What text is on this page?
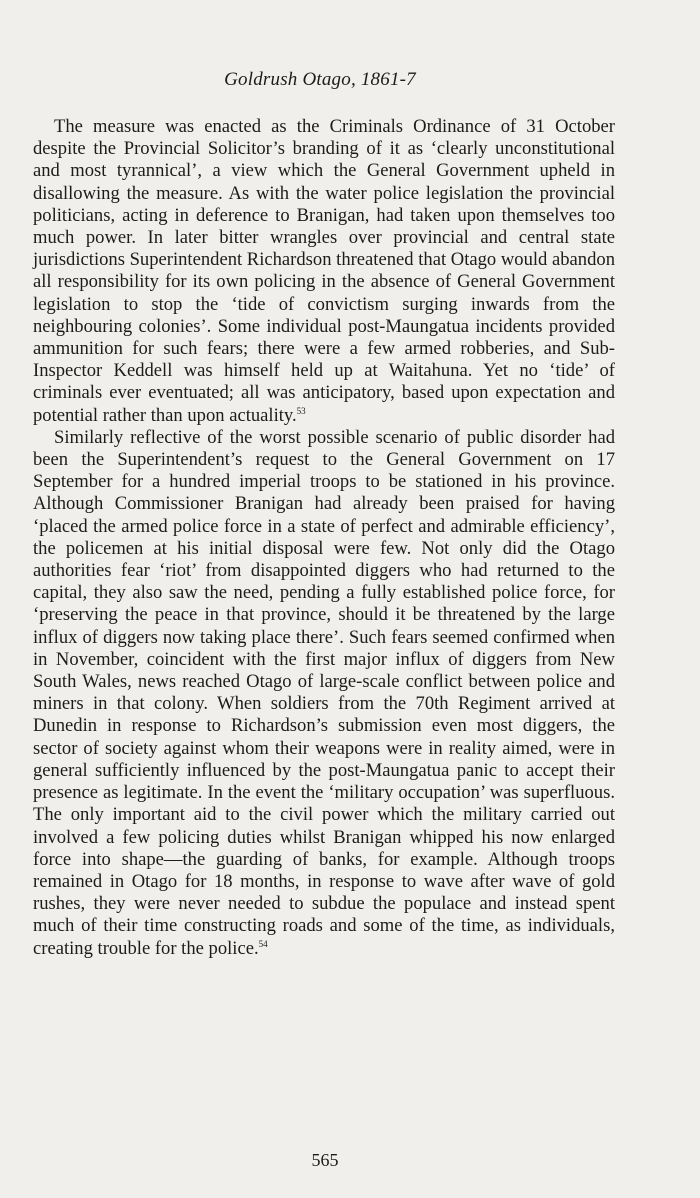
Goldrush Otago, 1861-7

The measure was enacted as the Criminals Ordinance of 31 October despite the Provincial Solicitor’s branding of it as ‘clearly unconstitutional and most tyrannical’, a view which the General Government upheld in disallowing the measure. As with the water police legislation the provincial politicians, acting in deference to Branigan, had taken upon themselves too much power. In later bitter wrangles over provincial and central state jurisdictions Superintendent Richardson threatened that Otago would abandon all responsibility for its own policing in the absence of General Government legislation to stop the ‘tide of convictism surging inwards from the neighbouring colonies’. Some individual post-Maungatua incidents provided ammunition for such fears; there were a few armed robberies, and Sub-Inspector Keddell was himself held up at Waitahuna. Yet no ‘tide’ of criminals ever eventuated; all was anticipatory, based upon expectation and potential rather than upon actuality.$^{53}$

Similarly reflective of the worst possible scenario of public disorder had been the Superintendent’s request to the General Government on 17 September for a hundred imperial troops to be stationed in his province. Although Commissioner Branigan had already been praised for having ‘placed the armed police force in a state of perfect and admirable efficiency’, the policemen at his initial disposal were few. Not only did the Otago authorities fear ‘riot’ from disappointed diggers who had returned to the capital, they also saw the need, pending a fully established police force, for ‘preserving the peace in that province, should it be threatened by the large influx of diggers now taking place there’. Such fears seemed confirmed when in November, coincident with the first major influx of diggers from New South Wales, news reached Otago of large-scale conflict between police and miners in that colony. When soldiers from the 70th Regiment arrived at Dunedin in response to Richardson’s submission even most diggers, the sector of society against whom their weapons were in reality aimed, were in general sufficiently influenced by the post-Maungatua panic to accept their presence as legitimate. In the event the ‘military occupation’ was superfluous. The only important aid to the civil power which the military carried out involved a few policing duties whilst Branigan whipped his now enlarged force into shape—the guarding of banks, for example. Although troops remained in Otago for 18 months, in response to wave after wave of gold rushes, they were never needed to subdue the populace and instead spent much of their time constructing roads and some of the time, as individuals, creating trouble for the police.$^{54}$

565
